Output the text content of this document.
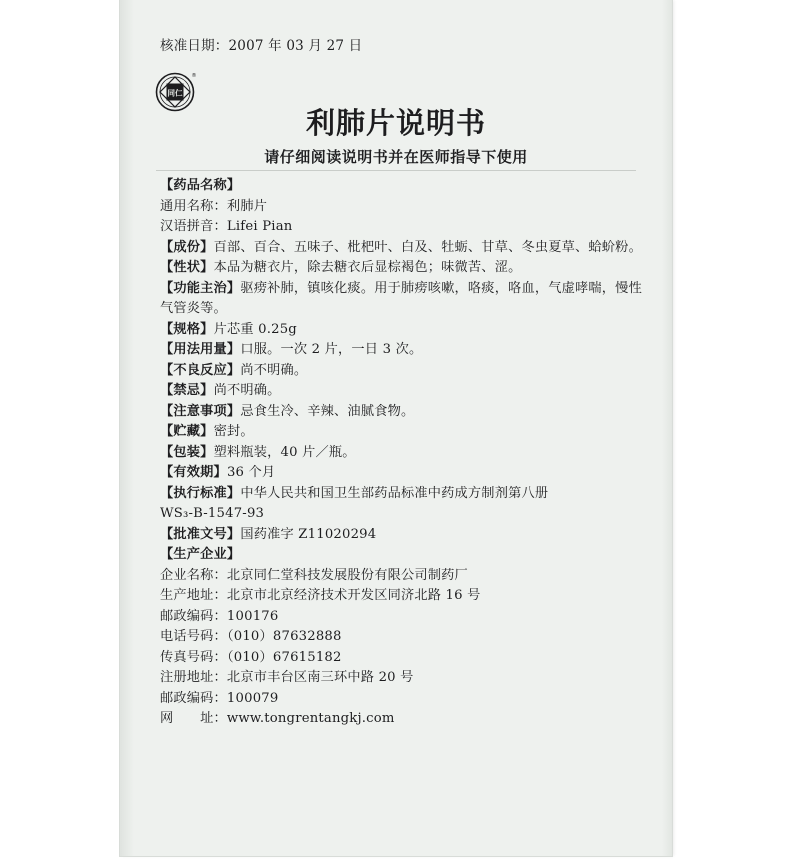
核准日期：2007 年 03 月 27 日
同仁
®
利肺片说明书
请仔细阅读说明书并在医师指导下使用
【药品名称】
通用名称：利肺片
汉语拼音：Lifei Pian
【成份】百部、百合、五味子、枇杷叶、白及、牡蛎、甘草、冬虫夏草、蛤蚧粉。
【性状】本品为糖衣片，除去糖衣后显棕褐色；味微苦、涩。
【功能主治】驱痨补肺，镇咳化痰。用于肺痨咳嗽，咯痰，咯血，气虚哮喘，慢性
气管炎等。
【规格】片芯重 0.25g
【用法用量】口服。一次 2 片，一日 3 次。
【不良反应】尚不明确。
【禁忌】尚不明确。
【注意事项】忌食生冷、辛辣、油腻食物。
【贮藏】密封。
【包装】塑料瓶装，40 片／瓶。
【有效期】36 个月
【执行标准】中华人民共和国卫生部药品标准中药成方制剂第八册
WS₃-B-1547-93
【批准文号】国药准字 Z11020294
【生产企业】
企业名称：北京同仁堂科技发展股份有限公司制药厂
生产地址：北京市北京经济技术开发区同济北路 16 号
邮政编码：100176
电话号码：（010）87632888
传真号码：（010）67615182
注册地址：北京市丰台区南三环中路 20 号
邮政编码：100079
网　　址：www.tongrentangkj.com
